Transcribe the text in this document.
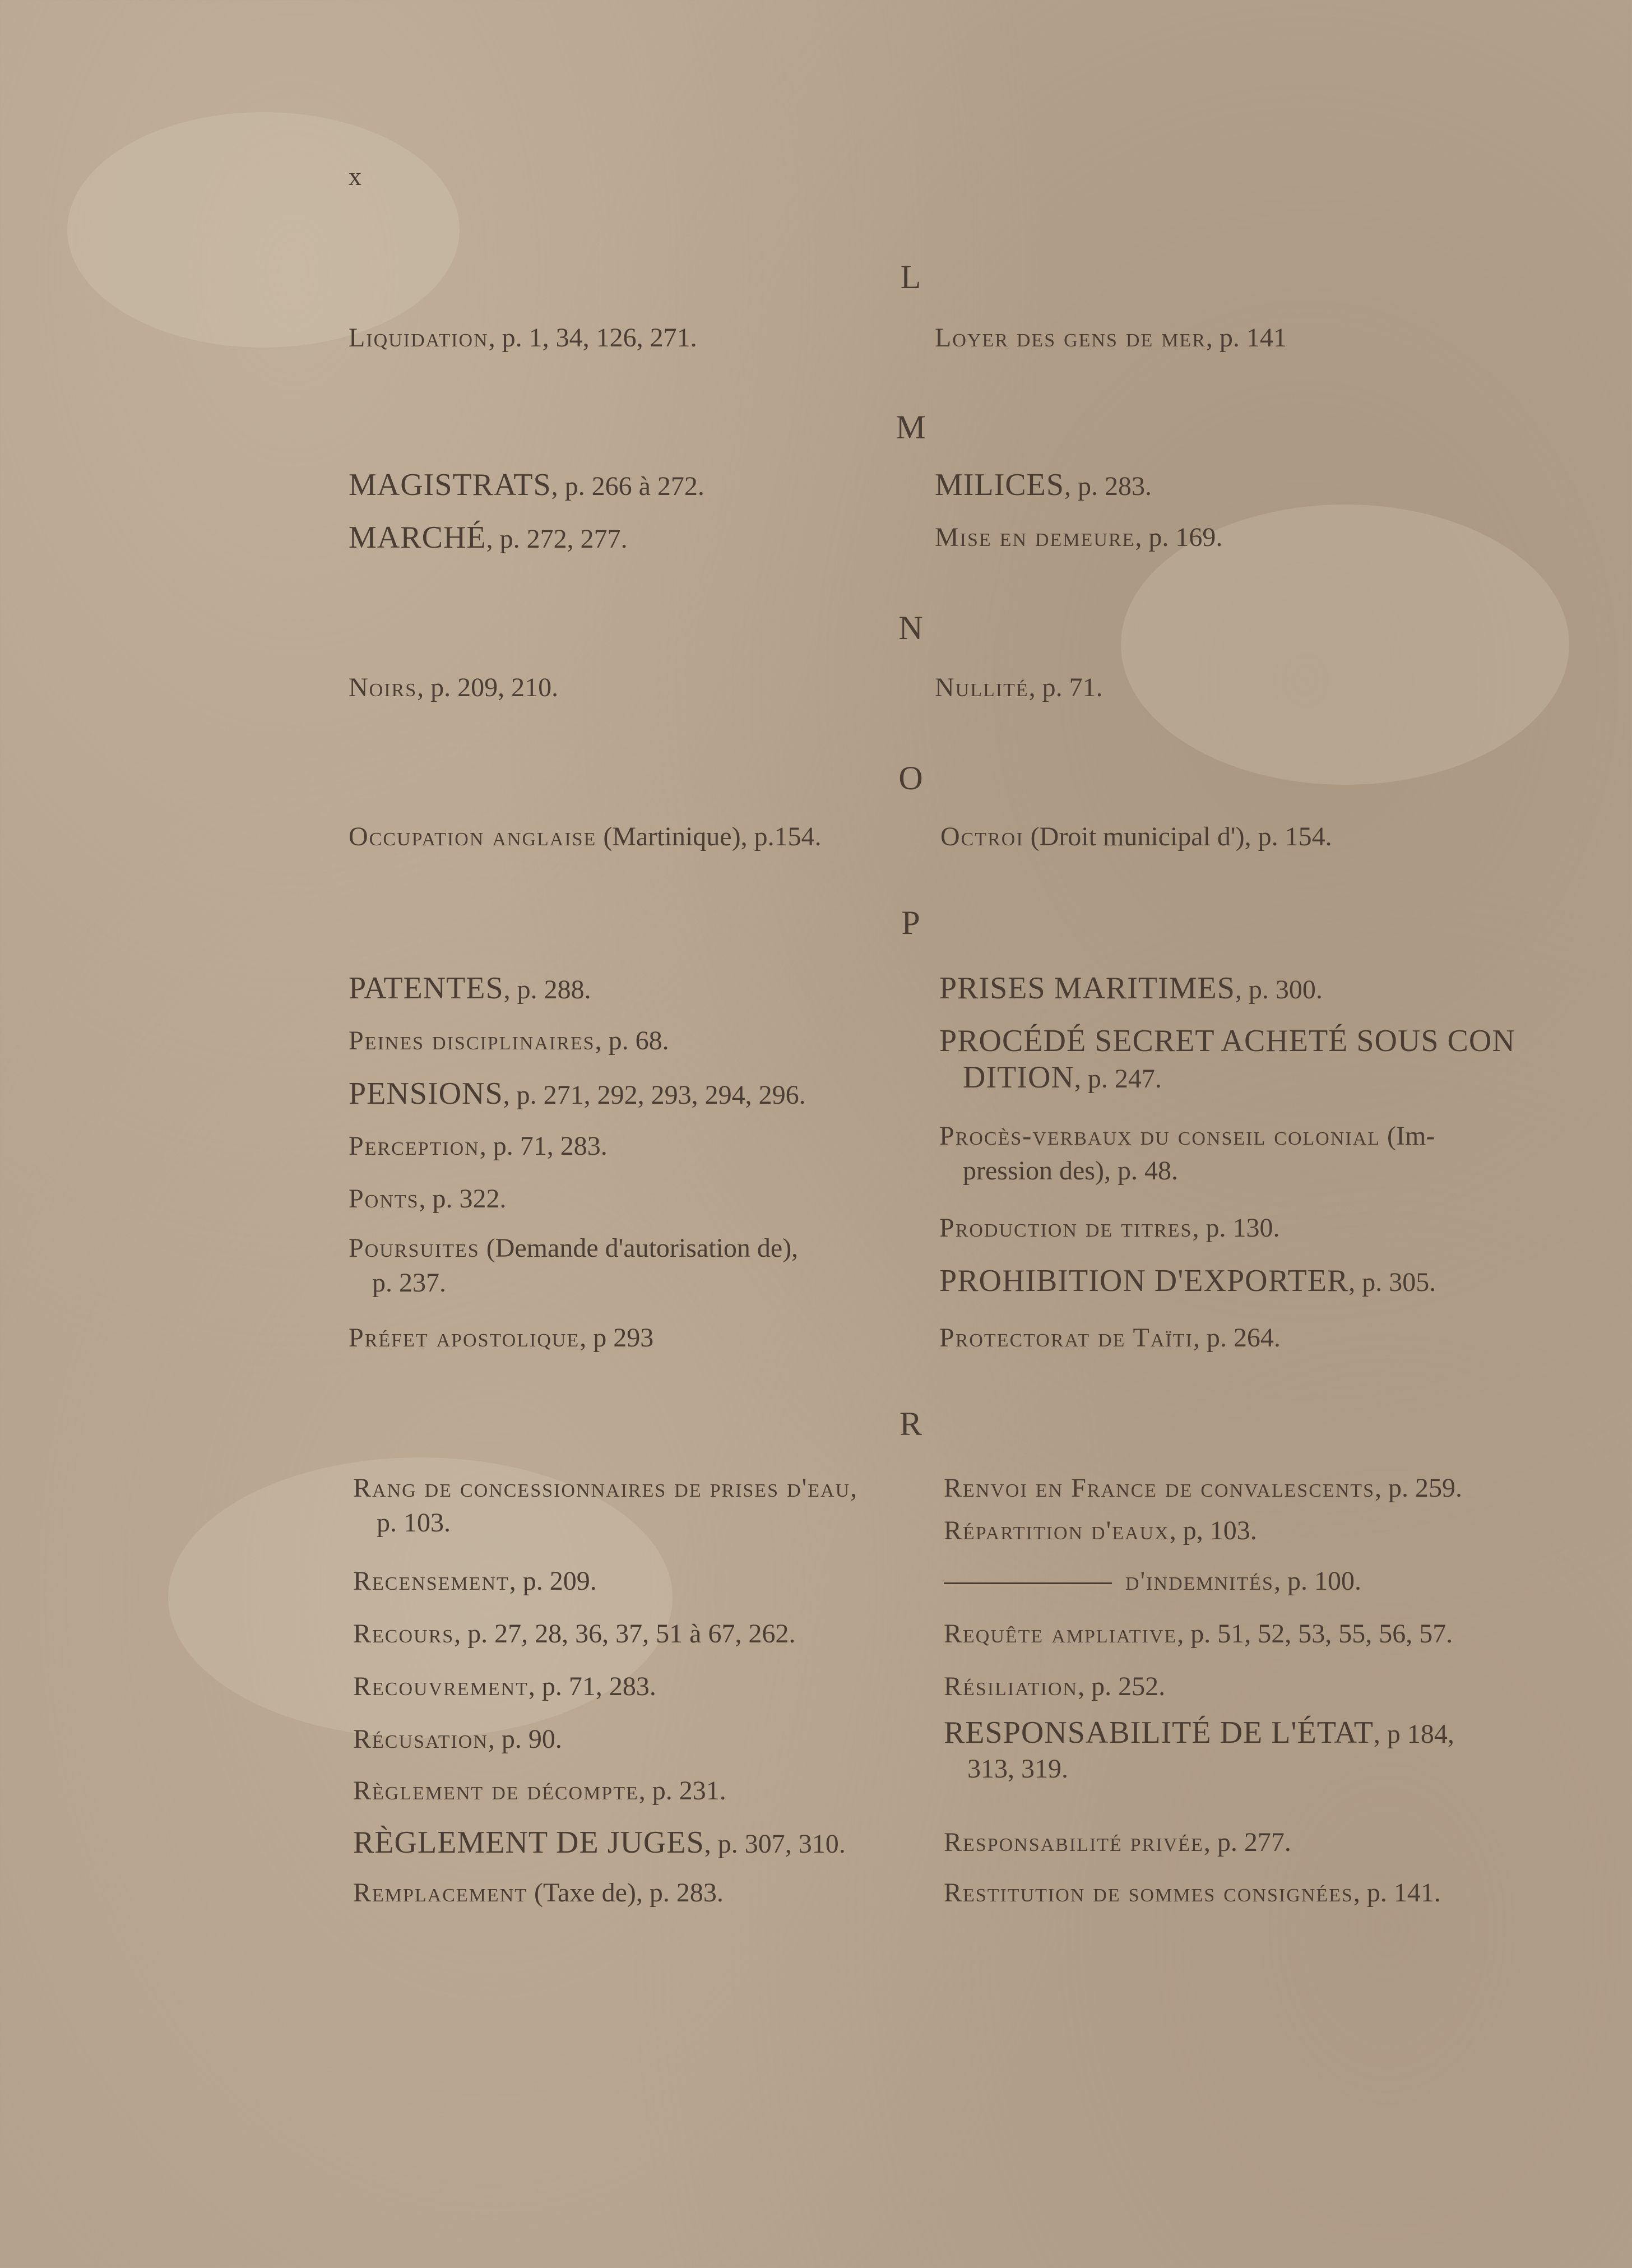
x
L
Liquidation, p. 1, 34, 126, 271.	Loyer des gens de mer, p. 141
M
MAGISTRATS, p. 266 à 272.
MARCHÉ, p. 272, 277.
MILICES, p. 283.
Mise en demeure, p. 169.
N
Noirs, p. 209, 210.	Nullité, p. 71.
O
Occupation anglaise (Martinique), p.154.	Octroi (Droit municipal d'), p. 154.
P
PATENTES, p. 288.
Peines disciplinaires, p. 68.
PENSIONS, p. 271, 292, 293, 294, 296.
Perception, p. 71, 283.
Ponts, p. 322.
Poursuites (Demande d'autorisation de),
p. 237.
Préfet apostolique, p 293
PRISES MARITIMES, p. 300.
PROCÉDÉ SECRET ACHETÉ SOUS CON
DITION, p. 247.
Procès-verbaux du conseil colonial (Im-
pression des), p. 48.
Production de titres, p. 130.
PROHIBITION D'EXPORTER, p. 305.
Protectorat de Taïti, p. 264.
R
Rang de concessionnaires de prises d'eau,
p. 103.
Recensement, p. 209.
Recours, p. 27, 28, 36, 37, 51 à 67, 262.
Recouvrement, p. 71, 283.
Récusation, p. 90.
Règlement de décompte, p. 231.
RÈGLEMENT DE JUGES, p. 307, 310.
Remplacement (Taxe de), p. 283.
Renvoi en France de convalescents, p. 259.
Répartition d'eaux, p, 103.
d'indemnités, p. 100.
Requête ampliative, p. 51, 52, 53, 55, 56, 57.
Résiliation, p. 252.
RESPONSABILITÉ DE L'ÉTAT, p 184,
313, 319.
Responsabilité privée, p. 277.
Restitution de sommes consignées, p. 141.
